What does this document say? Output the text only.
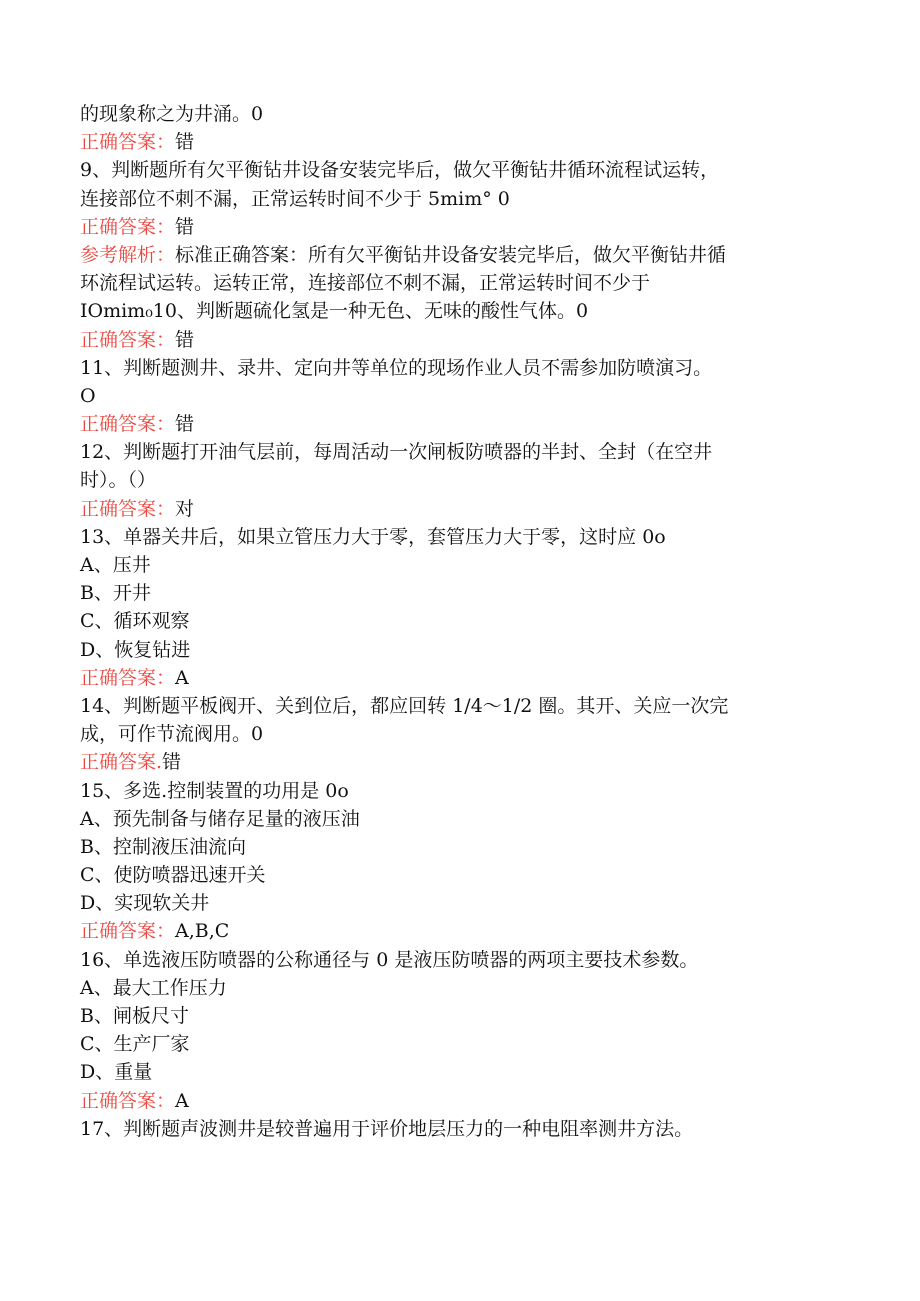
的现象称之为井涌。0
正确答案：错
9、判断题所有欠平衡钻井设备安装完毕后，做欠平衡钻井循环流程试运转，
连接部位不刺不漏，正常运转时间不少于 5mim° 0
正确答案：错
参考解析：标准正确答案：所有欠平衡钻井设备安装完毕后，做欠平衡钻井循
环流程试运转。运转正常，连接部位不刺不漏，正常运转时间不少于
IOmim₀10、判断题硫化氢是一种无色、无味的酸性气体。0
正确答案：错
11、判断题测井、录井、定向井等单位的现场作业人员不需参加防喷演习。
O
正确答案：错
12、判断题打开油气层前，每周活动一次闸板防喷器的半封、全封（在空井
时）。（）
正确答案：对
13、单器关井后，如果立管压力大于零，套管压力大于零，这时应 0o
A、压井
B、开井
C、循环观察
D、恢复钻进
正确答案：A
14、判断题平板阀开、关到位后，都应回转 1/4～1/2 圈。其开、关应一次完
成，可作节流阀用。0
正确答案.错
15、多选.控制装置的功用是 0o
A、预先制备与储存足量的液压油
B、控制液压油流向
C、使防喷器迅速开关
D、实现软关井
正确答案：A,B,C
16、单选液压防喷器的公称通径与 0 是液压防喷器的两项主要技术参数。
A、最大工作压力
B、闸板尺寸
C、生产厂家
D、重量
正确答案：A
17、判断题声波测井是较普遍用于评价地层压力的一种电阻率测井方法。
